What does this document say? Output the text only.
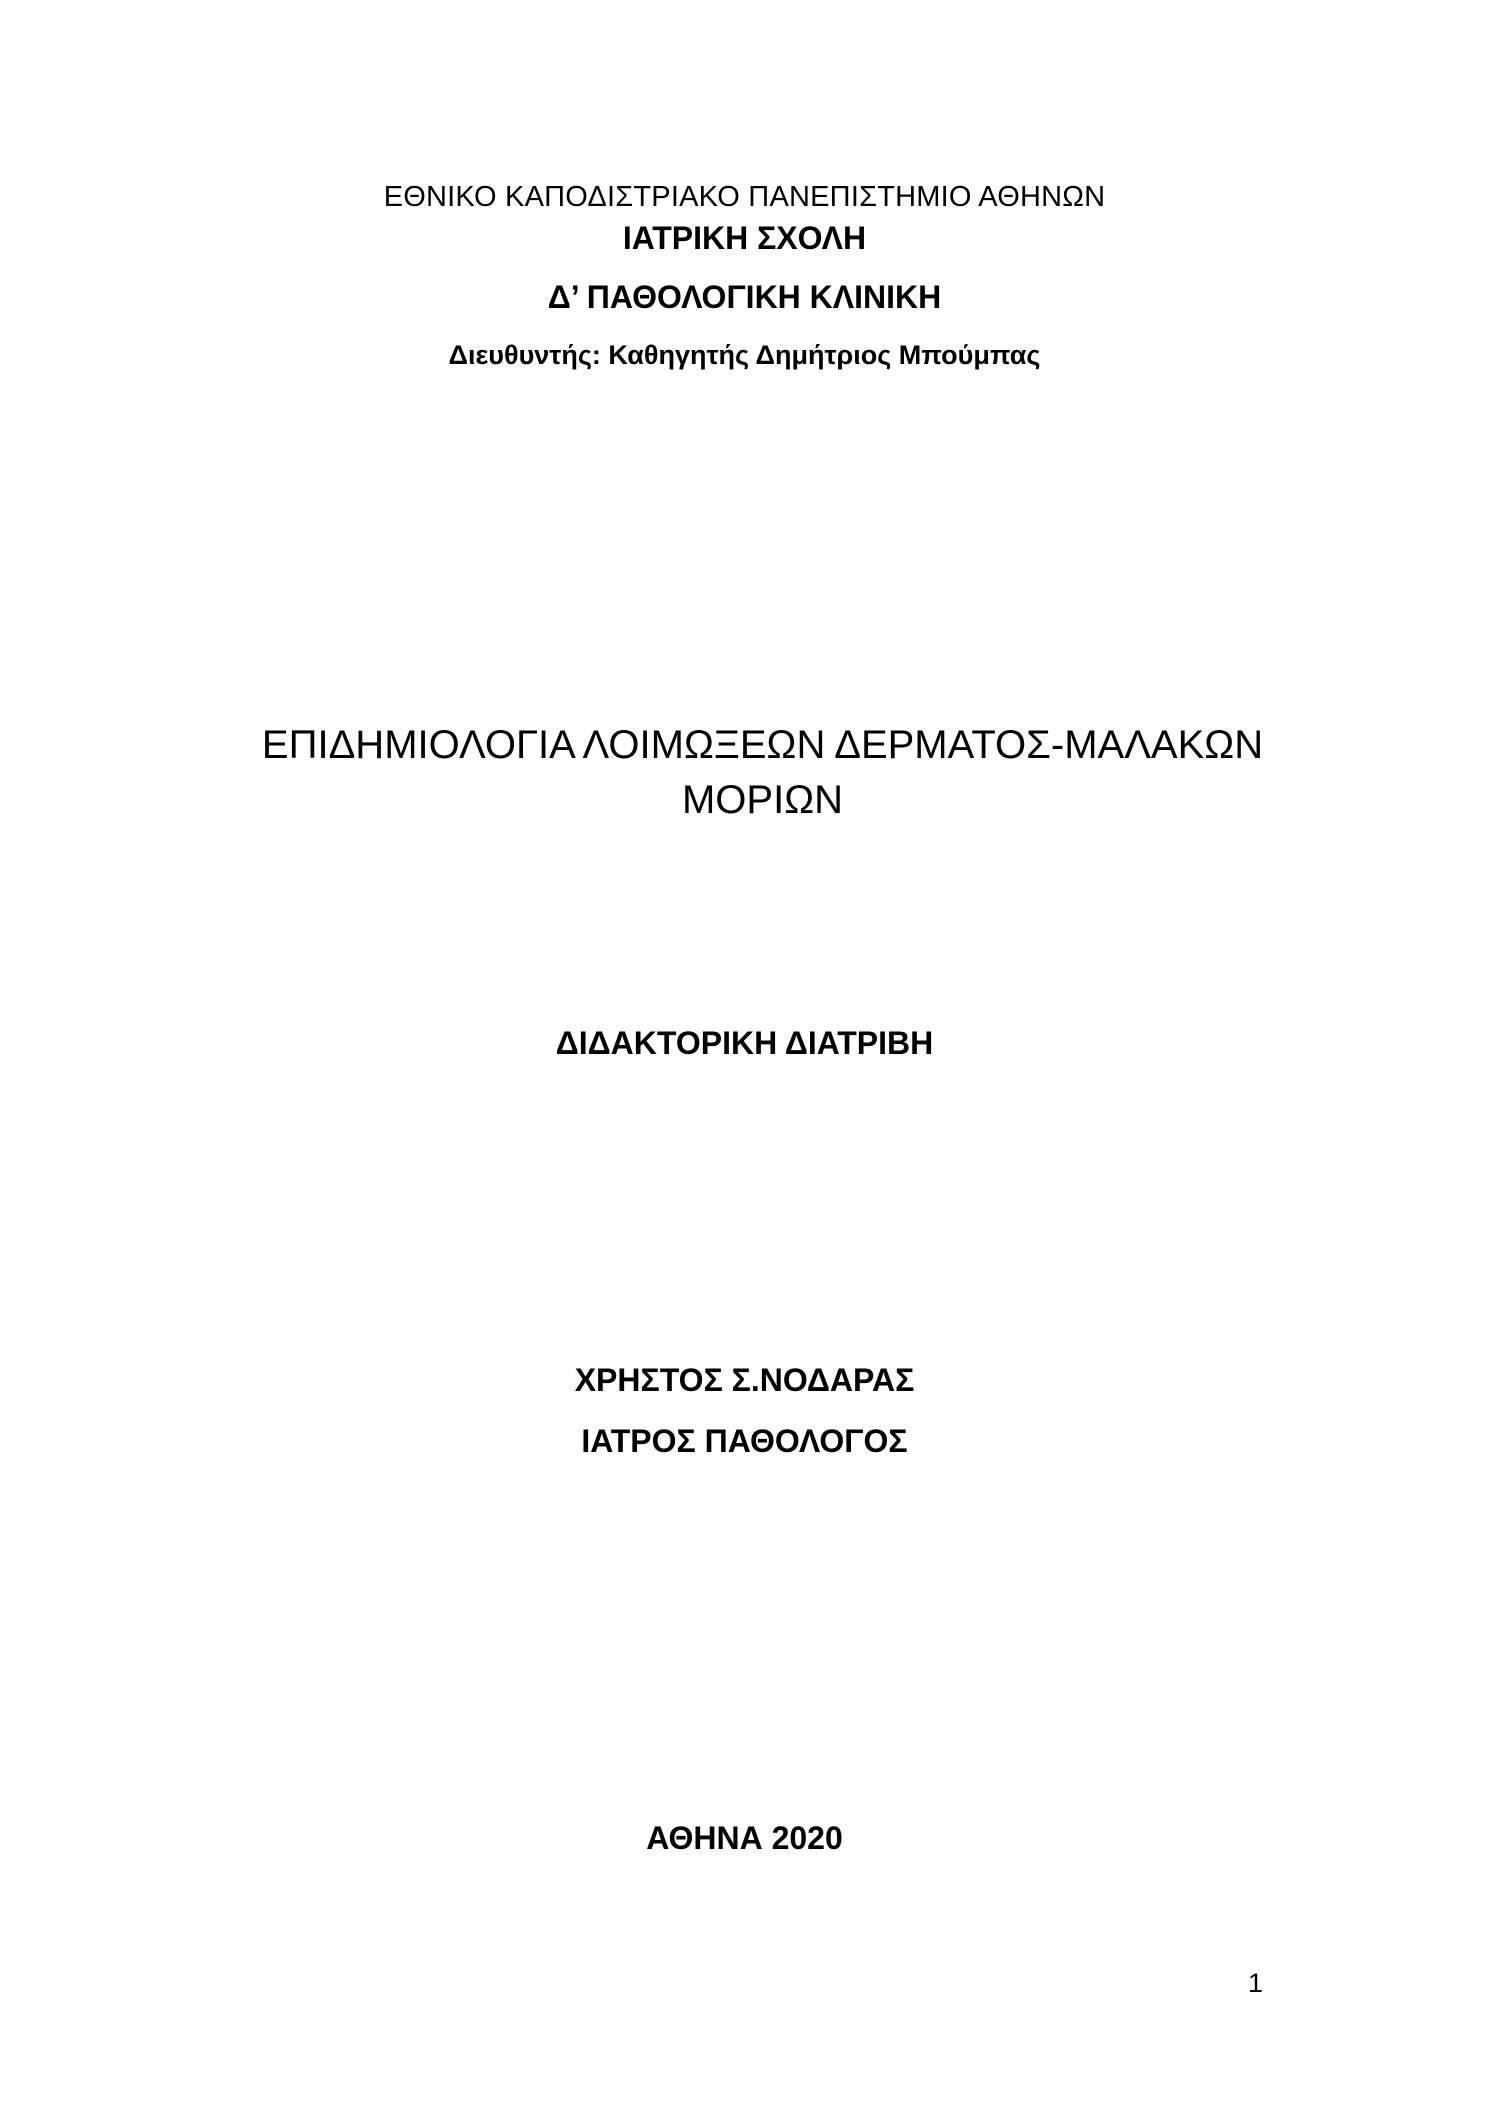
ΕΘΝΙΚΟ ΚΑΠΟΔΙΣΤΡΙΑΚΟ ΠΑΝΕΠΙΣΤΗΜΙΟ ΑΘΗΝΩΝ

ΙΑΤΡΙΚΗ ΣΧΟΛΗ

Δ’ ΠΑΘΟΛΟΓΙΚΗ ΚΛΙΝΙΚΗ

Διευθυντής: Καθηγητής Δημήτριος Μπούμπας

ΕΠΙΔΗΜΙΟΛΟΓΙΑ ΛΟΙΜΩΞΕΩΝ ΔΕΡΜΑΤΟΣ-ΜΑΛΑΚΩΝ

ΜΟΡΙΩΝ

ΔΙΔΑΚΤΟΡΙΚΗ ΔΙΑΤΡΙΒΗ

ΧΡΗΣΤΟΣ Σ.ΝΟΔΑΡΑΣ

ΙΑΤΡΟΣ ΠΑΘΟΛΟΓΟΣ

ΑΘΗΝΑ 2020

1
